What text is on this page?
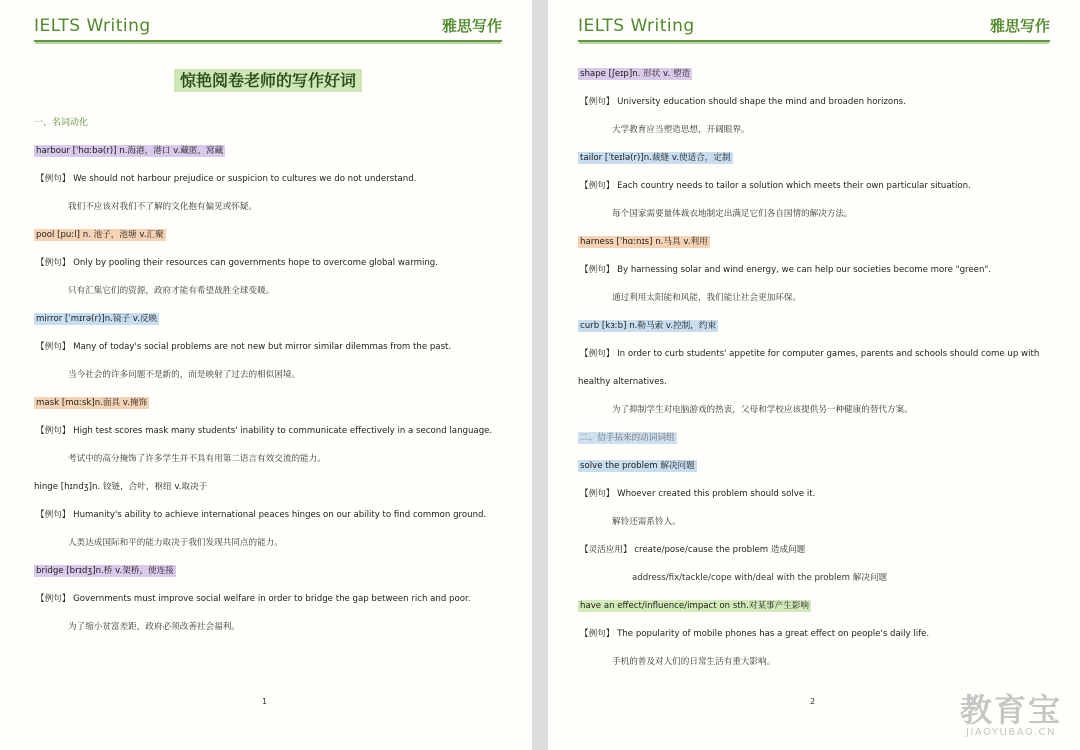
IELTS Writing	雅思写作
惊艳阅卷老师的写作好词
一、名词动化
harbour [ˈhɑːbə(r)] n.海港，港口 v.藏匿，窝藏
【例句】 We should not harbour prejudice or suspicion to cultures we do not understand.
我们不应该对我们不了解的文化抱有偏见或怀疑。
pool [puːl] n. 池子，池塘 v.汇聚
【例句】 Only by pooling their resources can governments hope to overcome global warming.
只有汇集它们的资源，政府才能有希望战胜全球变暖。
mirror [ˈmɪrə(r)]n.镜子 v.反映
【例句】 Many of today's social problems are not new but mirror similar dilemmas from the past.
当今社会的许多问题不是新的，而是映射了过去的相似困境。
mask [mɑːsk]n.面具 v.掩饰
【例句】 High test scores mask many students' inability to communicate effectively in a second language.
考试中的高分掩饰了许多学生并不具有用第二语言有效交流的能力。
hinge [hɪndʒ]n. 铰链，合叶，枢纽 v.取决于
【例句】 Humanity's ability to achieve international peaces hinges on our ability to find common ground.
人类达成国际和平的能力取决于我们发现共同点的能力。
bridge [brɪdʒ]n.桥 v.架桥，使连接
【例句】 Governments must improve social welfare in order to bridge the gap between rich and poor.
为了缩小贫富差距，政府必须改善社会福利。
1
IELTS Writing	雅思写作
shape [ʃeɪp]n. 形状 v. 塑造
【例句】 University education should shape the mind and broaden horizons.
大学教育应当塑造思想，开阔眼界。
tailor [ˈteɪlə(r)]n.裁缝 v.使适合，定制
【例句】 Each country needs to tailor a solution which meets their own particular situation.
每个国家需要量体裁衣地制定出满足它们各自国情的解决方法。
harness [ˈhɑːnɪs] n.马具 v.利用
【例句】 By harnessing solar and wind energy, we can help our societies become more "green".
通过利用太阳能和风能，我们能让社会更加环保。
curb [kɜːb] n.勒马索 v.控制，约束
【例句】 In order to curb students' appetite for computer games, parents and schools should come up with
healthy alternatives.
为了抑制学生对电脑游戏的热衷，父母和学校应该提供另一种健康的替代方案。
二、信手拈来的动词词组
solve the problem 解决问题
【例句】 Whoever created this problem should solve it.
解铃还需系铃人。
【灵活应用】 create/pose/cause the problem 造成问题
address/fix/tackle/cope with/deal with the problem 解决问题
have an effect/influence/impact on sth.对某事产生影响
【例句】 The popularity of mobile phones has a great effect on people's daily life.
手机的普及对人们的日常生活有重大影响。
2	教育宝
JIAOYUBAO.CN
